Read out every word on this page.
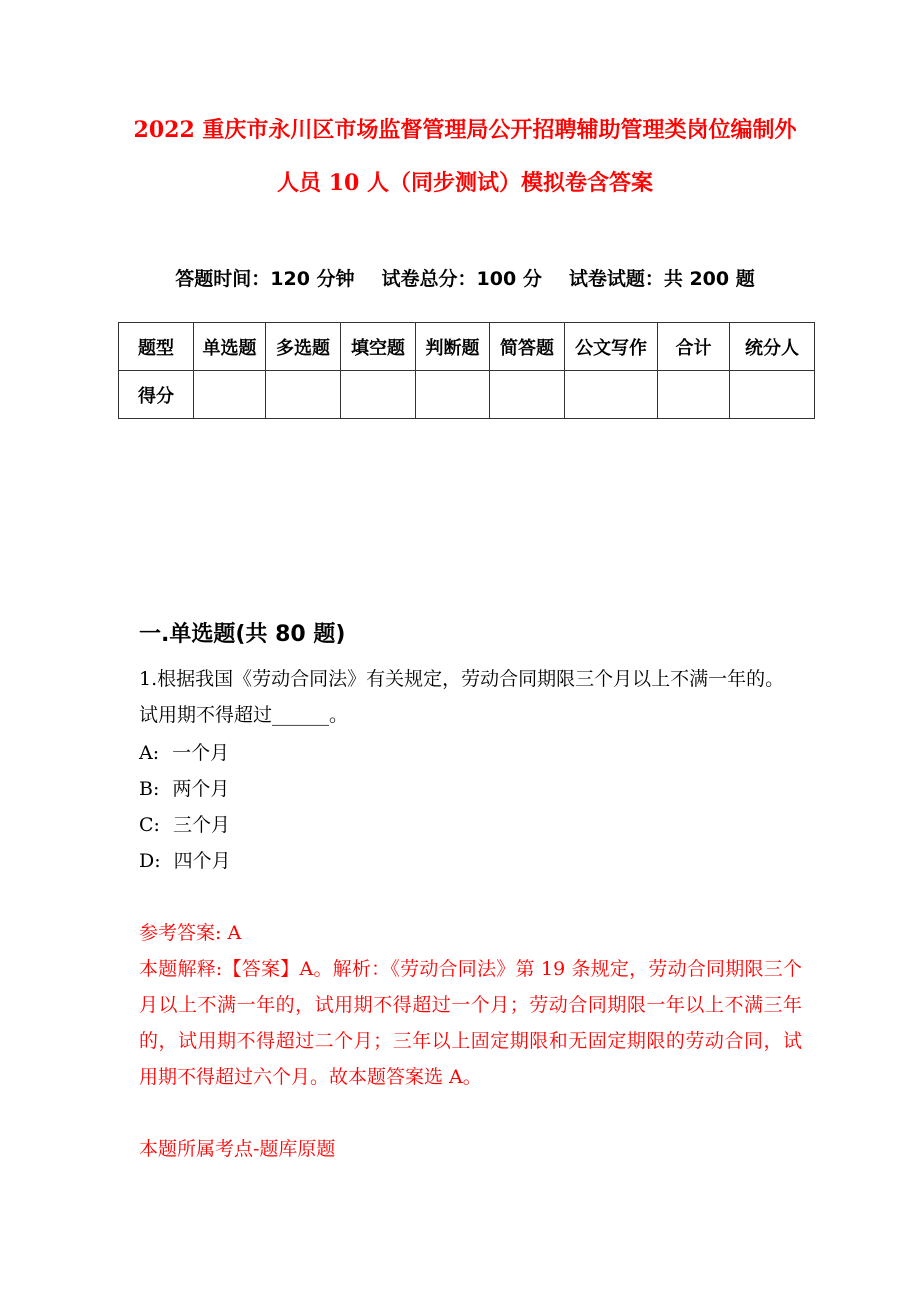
2022 重庆市永川区市场监督管理局公开招聘辅助管理类岗位编制外
人员 10 人（同步测试）模拟卷含答案
答题时间：120 分钟 试卷总分：100 分 试卷试题：共 200 题
题型	单选题	多选题	填空题	判断题	简答题	公文写作	合计	统分人
得分								
一.单选题(共 80 题)
1.根据我国《劳动合同法》有关规定，劳动合同期限三个月以上不满一年的。
试用期不得超过______。
A: 一个月
B: 两个月
C: 三个月
D: 四个月
参考答案: A
本题解释:【答案】A。解析：《劳动合同法》第 19 条规定，劳动合同期限三个月以上不满一年的，试用期不得超过一个月；劳动合同期限一年以上不满三年的，试用期不得超过二个月；三年以上固定期限和无固定期限的劳动合同，试用期不得超过六个月。故本题答案选 A。
本题所属考点-题库原题
